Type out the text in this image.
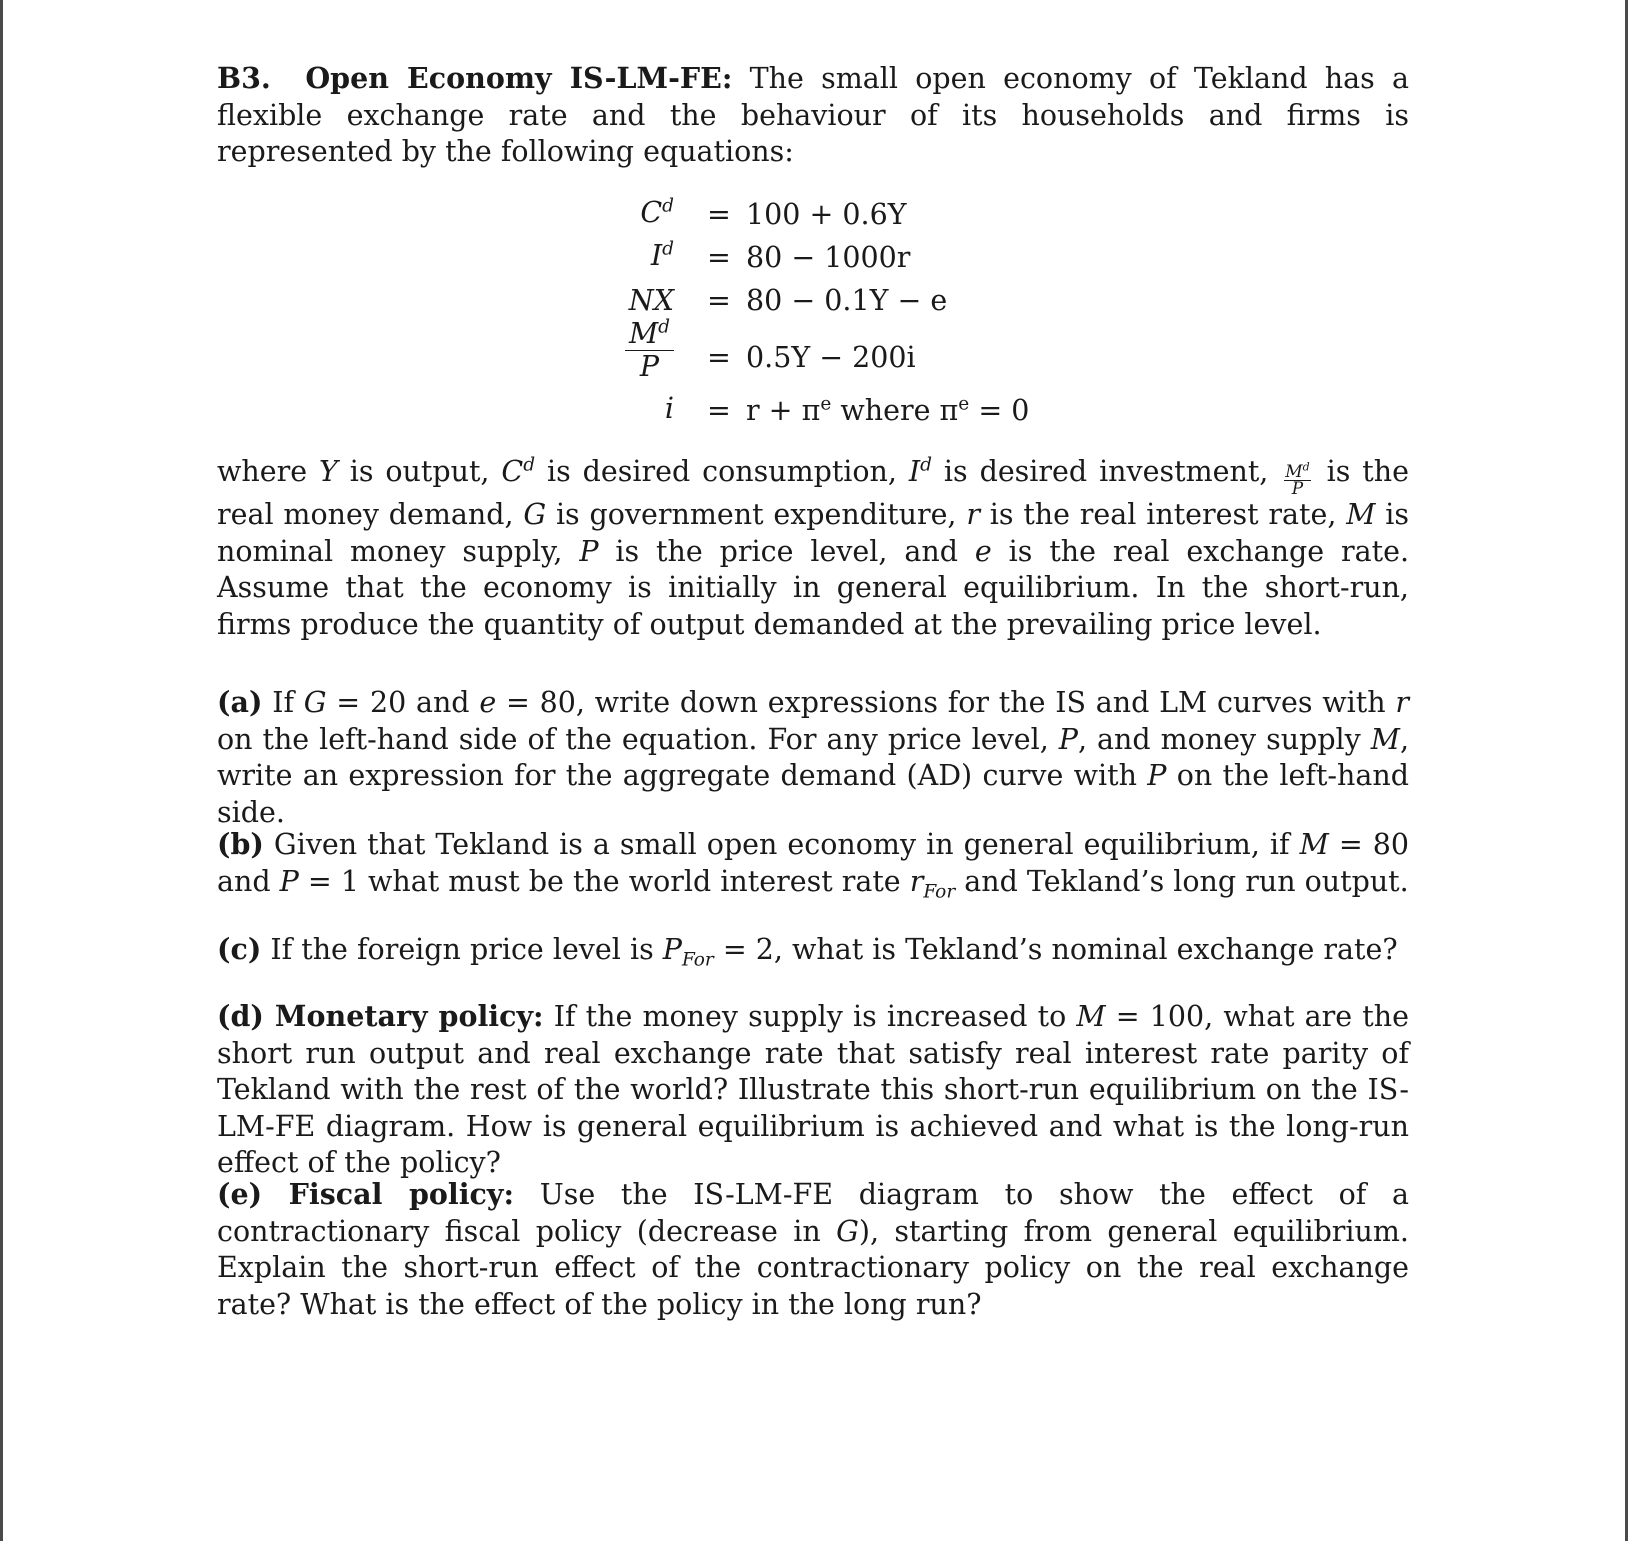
B3. Open Economy IS-LM-FE: The small open economy of Tekland has a flexible exchange rate and the behaviour of its households and firms is represented by the following equations:

$C^d = 100 + 0.6Y$
$I^d = 80 - 1000r$
NX = 80 − 0.1Y − e
$\frac{M^d}{P} = 0.5Y - 200i$
$i = r + \pi^e$ where $\pi^e = 0$

where Y is output, $C^d$ is desired consumption, $I^d$ is desired investment, $\frac{M^d}{P}$ is the real money demand, G is government expenditure, r is the real interest rate, M is nominal money supply, P is the price level, and e is the real exchange rate. Assume that the economy is initially in general equilibrium. In the short-run, firms produce the quantity of output demanded at the prevailing price level.

(a) If G = 20 and e = 80, write down expressions for the IS and LM curves with r on the left-hand side of the equation. For any price level, P, and money supply M, write an expression for the aggregate demand (AD) curve with P on the left-hand side.

(b) Given that Tekland is a small open economy in general equilibrium, if M = 80 and P = 1 what must be the world interest rate $r_{For}$ and Tekland’s long run output.

(c) If the foreign price level is $P_{For} = 2$, what is Tekland’s nominal exchange rate?

(d) Monetary policy: If the money supply is increased to M = 100, what are the short run output and real exchange rate that satisfy real interest rate parity of Tekland with the rest of the world? Illustrate this short-run equilibrium on the IS-LM-FE diagram. How is general equilibrium is achieved and what is the long-run effect of the policy?

(e) Fiscal policy: Use the IS-LM-FE diagram to show the effect of a contractionary fiscal policy (decrease in G), starting from general equilibrium. Explain the short-run effect of the contractionary policy on the real exchange rate? What is the effect of the policy in the long run?
